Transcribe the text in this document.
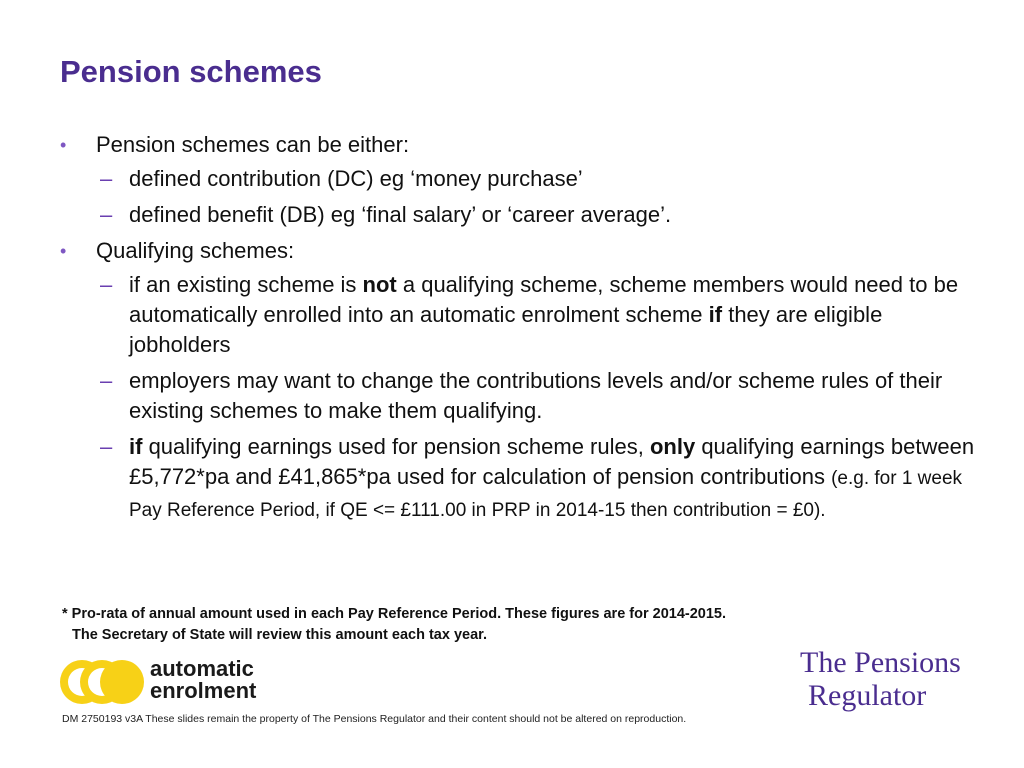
Pension schemes
• Pension schemes can be either:
– defined contribution (DC) eg ‘money purchase’
– defined benefit (DB) eg ‘final salary’ or ‘career average’.
• Qualifying schemes:
– if an existing scheme is not a qualifying scheme, scheme members would need to be automatically enrolled into an automatic enrolment scheme if they are eligible jobholders
– employers may want to change the contributions levels and/or scheme rules of their existing schemes to make them qualifying.
– if qualifying earnings used for pension scheme rules, only qualifying earnings between £5,772*pa and £41,865*pa used for calculation of pension contributions (e.g. for 1 week Pay Reference Period, if QE <= £111.00 in PRP in 2014-15 then contribution = £0).
* Pro-rata of annual amount used in each Pay Reference Period. These figures are for 2014-2015.
The Secretary of State will review this amount each tax year.
automatic
enrolment
The Pensions
Regulator
DM 2750193 v3A These slides remain the property of The Pensions Regulator and their content should not be altered on reproduction.
